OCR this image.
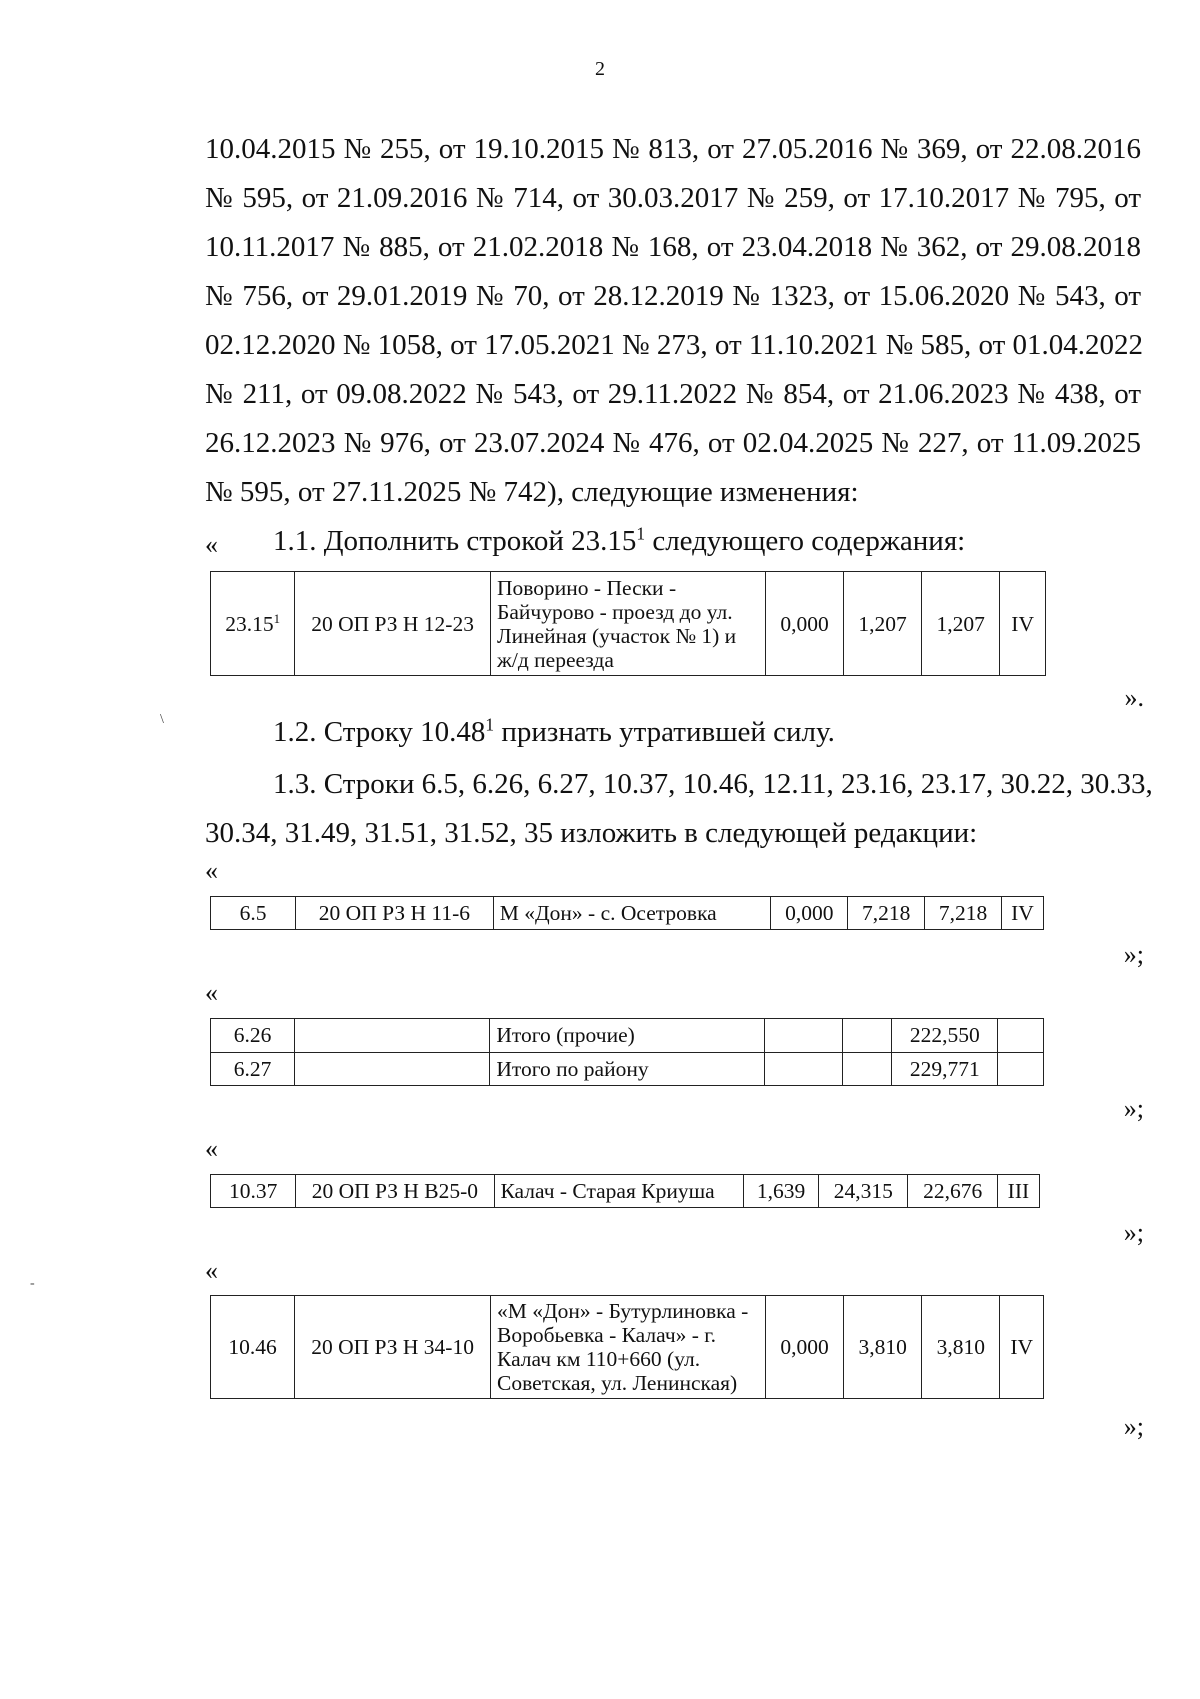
2
10.04.2015 № 255, от 19.10.2015 № 813, от 27.05.2016 № 369, от 22.08.2016
№ 595, от 21.09.2016 № 714, от 30.03.2017 № 259, от 17.10.2017 № 795, от
10.11.2017 № 885, от 21.02.2018 № 168, от 23.04.2018 № 362, от 29.08.2018
№ 756, от 29.01.2019 № 70, от 28.12.2019 № 1323, от 15.06.2020 № 543, от
02.12.2020 № 1058, от 17.05.2021 № 273, от 11.10.2021 № 585, от 01.04.2022
№ 211, от 09.08.2022 № 543, от 29.11.2022 № 854, от 21.06.2023 № 438, от
26.12.2023 № 976, от 23.07.2024 № 476, от 02.04.2025 № 227, от 11.09.2025
№ 595, от 27.11.2025 № 742), следующие изменения:
1.1. Дополнить строкой 23.15$^1$ следующего содержания:
«
23.15$^1$	20 ОП РЗ Н 12-23	Поворино - Пески - Байчурово - проезд до ул. Линейная (участок № 1) и ж/д переезда	0,000	1,207	1,207	IV
».
\	1.2. Строку 10.48$^1$ признать утратившей силу.
1.3. Строки 6.5, 6.26, 6.27, 10.37, 10.46, 12.11, 23.16, 23.17, 30.22, 30.33,
30.34, 31.49, 31.51, 31.52, 35 изложить в следующей редакции:
«
6.5	20 ОП РЗ Н 11-6	М «Дон» - с. Осетровка	0,000	7,218	7,218	IV
»;
«
6.26		Итого (прочие)			222,550	
6.27		Итого по району			229,771	
»;
«
10.37	20 ОП РЗ Н В25-0	Калач - Старая Криуша	1,639	24,315	22,676	III
»;
-	«
10.46	20 ОП РЗ Н 34-10	«М «Дон» - Бутурлиновка - Воробьевка - Калач» - г. Калач км 110+660 (ул. Советская, ул. Ленинская)	0,000	3,810	3,810	IV
»;
